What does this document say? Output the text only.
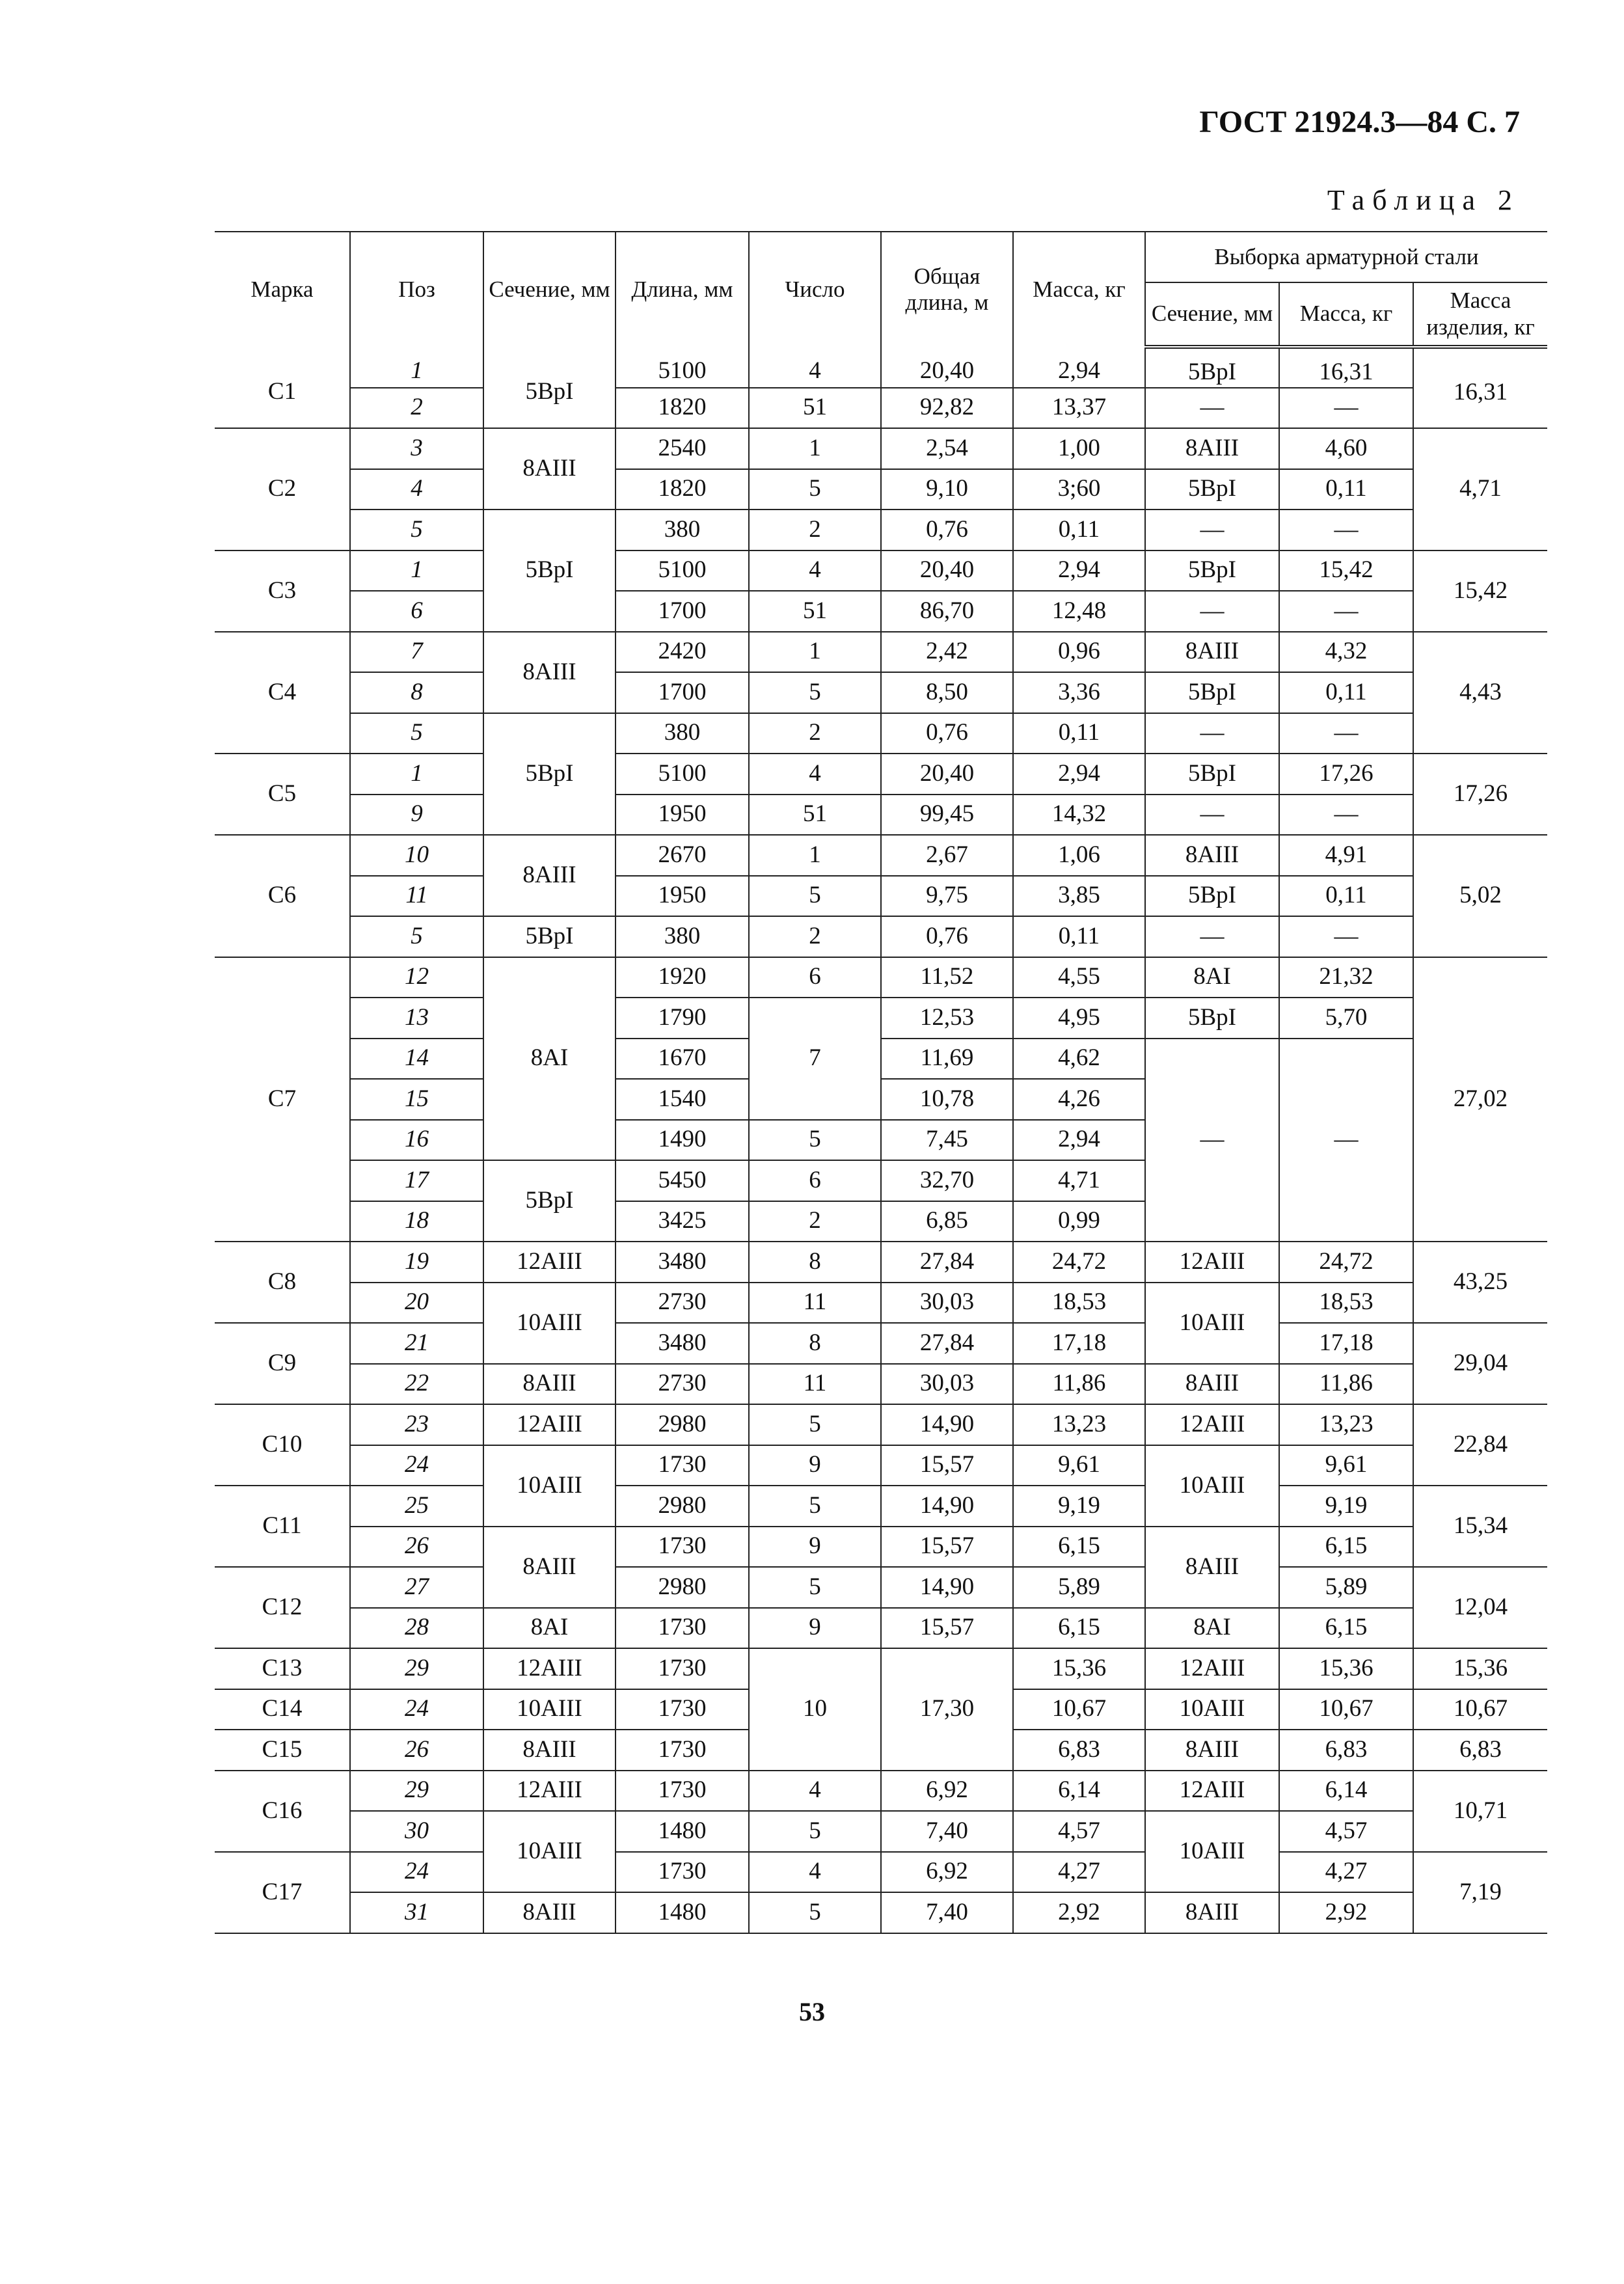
ГОСТ 21924.3—84 С. 7
Таблица 2
Марка	Поз	Сечение, мм	Длина, мм	Число	Общая длина, м	Масса, кг	Выборка арматурной стали		
							Сечение, мм	Масса, кг	Масса изделия, кг
С1	1	5ВрI	5100	4	20,40	2,94	5ВрI	16,31	16,31
	2		1820	51	92,82	13,37	—	—	
С2	3	8АIII	2540	1	2,54	1,00	8АIII	4,60	4,71
	4		1820	5	9,10	3;60	5ВрI	0,11	
	5	5ВрI	380	2	0,76	0,11	—	—	
С3	1		5100	4	20,40	2,94	5ВрI	15,42	15,42
	6		1700	51	86,70	12,48	—	—	
С4	7	8АIII	2420	1	2,42	0,96	8АIII	4,32	4,43
	8		1700	5	8,50	3,36	5ВрI	0,11	
	5	5ВрI	380	2	0,76	0,11	—	—	
С5	1		5100	4	20,40	2,94	5ВрI	17,26	17,26
	9		1950	51	99,45	14,32	—	—	
С6	10	8АIII	2670	1	2,67	1,06	8АIII	4,91	5,02
	11		1950	5	9,75	3,85	5ВрI	0,11	
	5	5ВрI	380	2	0,76	0,11	—	—	
С7	12	8АI	1920	6	11,52	4,55	8АI	21,32	27,02
	13		1790	7	12,53	4,95	5ВрI	5,70	
	14		1670		11,69	4,62	—	—	
	15		1540		10,78	4,26			
	16		1490	5	7,45	2,94			
	17	5ВрI	5450	6	32,70	4,71			
	18		3425	2	6,85	0,99			
С8	19	12АIII	3480	8	27,84	24,72	12АIII	24,72	43,25
	20	10АIII	2730	11	30,03	18,53	10АIII	18,53	
С9	21		3480	8	27,84	17,18		17,18	29,04
	22	8АIII	2730	11	30,03	11,86	8АIII	11,86	
С10	23	12АIII	2980	5	14,90	13,23	12АIII	13,23	22,84
	24	10АIII	1730	9	15,57	9,61	10АIII	9,61	
С11	25		2980	5	14,90	9,19		9,19	15,34
	26	8АIII	1730	9	15,57	6,15	8АIII	6,15	
С12	27		2980	5	14,90	5,89		5,89	12,04
	28	8АI	1730	9	15,57	6,15	8АI	6,15	
С13	29	12АIII	1730	10	17,30	15,36	12АIII	15,36	15,36
С14	24	10АIII	1730			10,67	10АIII	10,67	10,67
С15	26	8АIII	1730			6,83	8АIII	6,83	6,83
С16	29	12АIII	1730	4	6,92	6,14	12АIII	6,14	10,71
	30	10АIII	1480	5	7,40	4,57	10АIII	4,57	
С17	24		1730	4	6,92	4,27		4,27	7,19
	31	8АIII	1480	5	7,40	2,92	8АIII	2,92	
53
